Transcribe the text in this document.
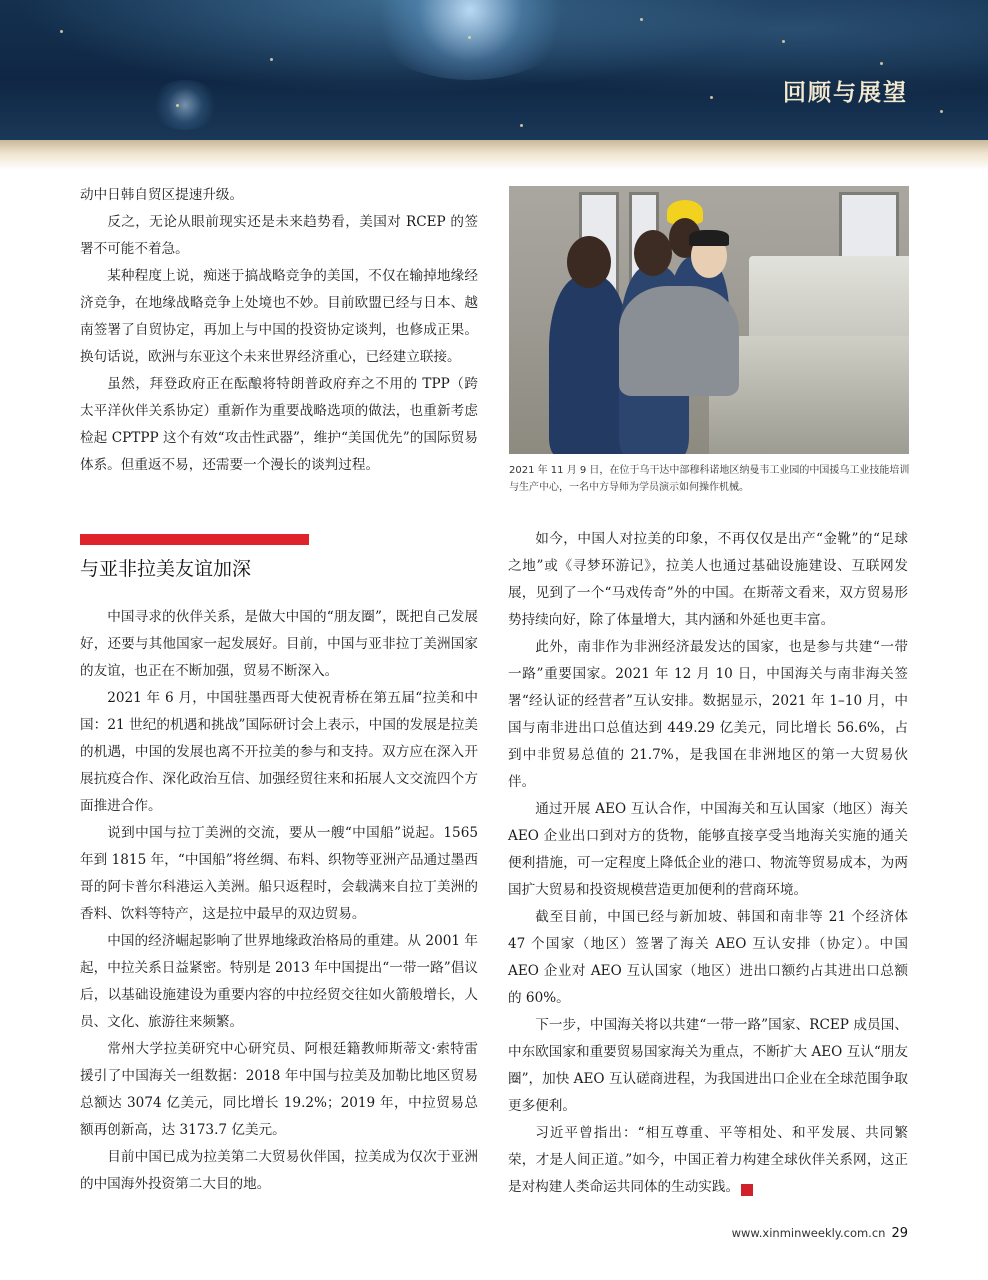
回顾与展望

动中日韩自贸区提速升级。

反之，无论从眼前现实还是未来趋势看，美国对 RCEP 的签署不可能不着急。

某种程度上说，痴迷于搞战略竞争的美国，不仅在输掉地缘经济竞争，在地缘战略竞争上处境也不妙。目前欧盟已经与日本、越南签署了自贸协定，再加上与中国的投资协定谈判，也修成正果。换句话说，欧洲与东亚这个未来世界经济重心，已经建立联接。

虽然，拜登政府正在酝酿将特朗普政府弃之不用的 TPP（跨太平洋伙伴关系协定）重新作为重要战略选项的做法，也重新考虑检起 CPTPP 这个有效“攻击性武器”，维护“美国优先”的国际贸易体系。但重返不易，还需要一个漫长的谈判过程。	2021 年 11 月 9 日，在位于乌干达中部穆科诺地区纳曼韦工业园的中国援乌工业技能培训与生产中心，一名中方导师为学员演示如何操作机械。
与亚非拉美友谊加深

中国寻求的伙伴关系，是做大中国的“朋友圈”，既把自己发展好，还要与其他国家一起发展好。目前，中国与亚非拉丁美洲国家的友谊，也正在不断加强，贸易不断深入。

2021 年 6 月，中国驻墨西哥大使祝青桥在第五届“拉美和中国：21 世纪的机遇和挑战”国际研讨会上表示，中国的发展是拉美的机遇，中国的发展也离不开拉美的参与和支持。双方应在深入开展抗疫合作、深化政治互信、加强经贸往来和拓展人文交流四个方面推进合作。

说到中国与拉丁美洲的交流，要从一艘“中国船”说起。1565 年到 1815 年，“中国船”将丝绸、布料、织物等亚洲产品通过墨西哥的阿卡普尔科港运入美洲。船只返程时，会载满来自拉丁美洲的香料、饮料等特产，这是拉中最早的双边贸易。

中国的经济崛起影响了世界地缘政治格局的重建。从 2001 年起，中拉关系日益紧密。特别是 2013 年中国提出“一带一路”倡议后，以基础设施建设为重要内容的中拉经贸交往如火箭般增长，人员、文化、旅游往来频繁。

常州大学拉美研究中心研究员、阿根廷籍教师斯蒂文·索特雷援引了中国海关一组数据：2018 年中国与拉美及加勒比地区贸易总额达 3074 亿美元，同比增长 19.2%；2019 年，中拉贸易总额再创新高，达 3173.7 亿美元。

目前中国已成为拉美第二大贸易伙伴国，拉美成为仅次于亚洲的中国海外投资第二大目的地。

如今，中国人对拉美的印象，不再仅仅是出产“金靴”的“足球之地”或《寻梦环游记》，拉美人也通过基础设施建设、互联网发展，见到了一个“马戏传奇”外的中国。在斯蒂文看来，双方贸易形势持续向好，除了体量增大，其内涵和外延也更丰富。

此外，南非作为非洲经济最发达的国家，也是参与共建“一带一路”重要国家。2021 年 12 月 10 日，中国海关与南非海关签署“经认证的经营者”互认安排。数据显示，2021 年 1–10 月，中国与南非进出口总值达到 449.29 亿美元，同比增长 56.6%，占到中非贸易总值的 21.7%，是我国在非洲地区的第一大贸易伙伴。

通过开展 AEO 互认合作，中国海关和互认国家（地区）海关 AEO 企业出口到对方的货物，能够直接享受当地海关实施的通关便利措施，可一定程度上降低企业的港口、物流等贸易成本，为两国扩大贸易和投资规模营造更加便利的营商环境。

截至目前，中国已经与新加坡、韩国和南非等 21 个经济体 47 个国家（地区）签署了海关 AEO 互认安排（协定）。中国 AEO 企业对 AEO 互认国家（地区）进出口额约占其进出口总额的 60%。

下一步，中国海关将以共建“一带一路”国家、RCEP 成员国、中东欧国家和重要贸易国家海关为重点，不断扩大 AEO 互认“朋友圈”，加快 AEO 互认磋商进程，为我国进出口企业在全球范围争取更多便利。

习近平曾指出：“相互尊重、平等相处、和平发展、共同繁荣，才是人间正道。”如今，中国正着力构建全球伙伴关系网，这正是对构建人类命运共同体的生动实践。	民

www.xinminweekly.com.cn 29
